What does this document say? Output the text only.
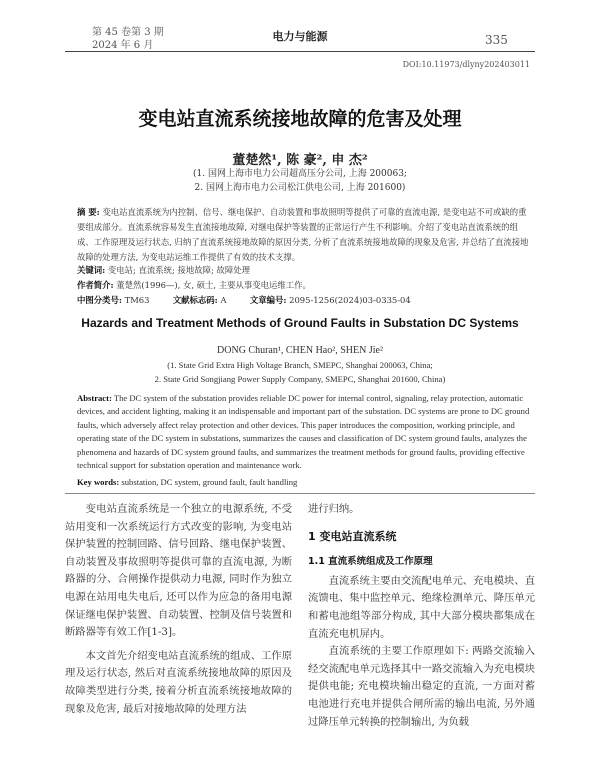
第 45 卷第 3 期
2024 年 6 月
电力与能源	335
DOI:10.11973/dlyny202403011
变电站直流系统接地故障的危害及处理
董楚然¹, 陈 豪², 申 杰²
(1. 国网上海市电力公司超高压分公司, 上海 200063;
2. 国网上海市电力公司松江供电公司, 上海 201600)
摘 要: 变电站直流系统为内控制、信号、继电保护、自动装置和事故照明等提供了可靠的直流电源, 是变电站不可或缺的重要组成部分。直流系统容易发生直流接地故障, 对继电保护等装置的正常运行产生不利影响。介绍了变电站直流系统的组成、工作原理及运行状态, 归纳了直流系统接地故障的原因分类, 分析了直流系统接地故障的现象及危害, 并总结了直流接地故障的处理方法, 为变电站运维工作提供了有效的技术支撑。
关键词: 变电站; 直流系统; 接地故障; 故障处理
作者简介: 董楚然(1996—), 女, 硕士, 主要从事变电运维工作。
中图分类号: TM63	文献标志码: A	文章编号: 2095-1256(2024)03-0335-04
Hazards and Treatment Methods of Ground Faults in Substation DC Systems
DONG Churan¹, CHEN Hao², SHEN Jie²
(1. State Grid Extra High Voltage Branch, SMEPC, Shanghai 200063, China;
2. State Grid Songjiang Power Supply Company, SMEPC, Shanghai 201600, China)
Abstract: The DC system of the substation provides reliable DC power for internal control, signaling, relay protection, automatic devices, and accident lighting, making it an indispensable and important part of the substation. DC systems are prone to DC ground faults, which adversely affect relay protection and other devices. This paper introduces the composition, working principle, and operating state of the DC system in substations, summarizes the causes and classification of DC system ground faults, analyzes the phenomena and hazards of DC system ground faults, and summarizes the treatment methods for ground faults, providing effective technical support for substation operation and maintenance work.
Key words: substation, DC system, ground fault, fault handling

变电站直流系统是一个独立的电源系统, 不受站用变和一次系统运行方式改变的影响, 为变电站保护装置的控制回路、信号回路、继电保护装置、自动装置及事故照明等提供可靠的直流电源, 为断路器的分、合闸操作提供动力电源, 同时作为独立电源在站用电失电后, 还可以作为应急的备用电源保证继电保护装置、自动装置、控制及信号装置和断路器等有效工作[1-3]。

本文首先介绍变电站直流系统的组成、工作原理及运行状态, 然后对直流系统接地故障的原因及故障类型进行分类, 接着分析直流系统接地故障的现象及危害, 最后对接地故障的处理方法

进行归纳。
1 变电站直流系统
1.1 直流系统组成及工作原理

直流系统主要由交流配电单元、充电模块、直流馈电、集中监控单元、绝缘检测单元、降压单元和蓄电池组等部分构成, 其中大部分模块都集成在直流充电机屏内。

直流系统的主要工作原理如下: 两路交流输入经交流配电单元选择其中一路交流输入为充电模块提供电能; 充电模块输出稳定的直流, 一方面对蓄电池进行充电并提供合闸所需的输出电流, 另外通过降压单元转换的控制输出, 为负载
